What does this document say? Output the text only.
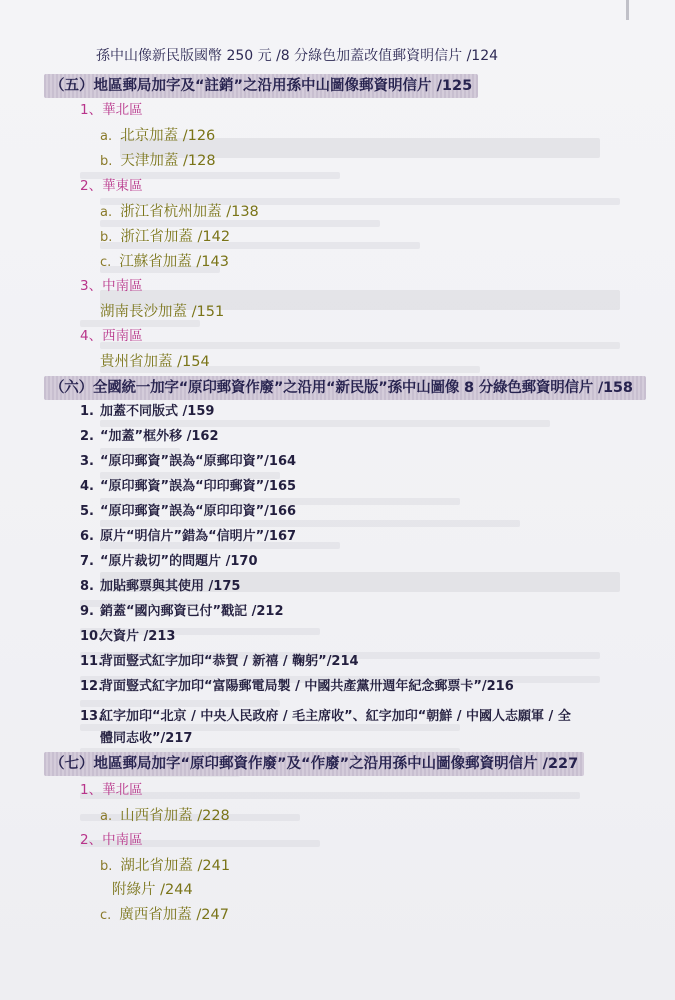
孫中山像新民版國幣 250 元 /8 分綠色加蓋改值郵資明信片 /124
（五）地區郵局加字及“註銷”之沿用孫中山圖像郵資明信片 /125
1、華北區
a. 北京加蓋 /126
b. 天津加蓋 /128
2、華東區
a. 浙江省杭州加蓋 /138
b. 浙江省加蓋 /142
c. 江蘇省加蓋 /143
3、中南區
湖南長沙加蓋 /151
4、西南區
貴州省加蓋 /154
（六）全國統一加字“原印郵資作廢”之沿用“新民版”孫中山圖像 8 分綠色郵資明信片 /158
1. 加蓋不同版式 /159
2. “加蓋”框外移 /162
3. “原印郵資”誤為“原郵印資”/164
4. “原印郵資”誤為“印印郵資”/165
5. “原印郵資”誤為“原印印資”/166
6. 原片“明信片”錯為“信明片”/167
7. “原片裁切”的問題片 /170
8. 加貼郵票與其使用 /175
9. 銷蓋“國內郵資已付”戳記 /212
10.欠資片 /213
11.背面豎式紅字加印“恭賀 / 新禧 / 鞠躬”/214
12.背面豎式紅字加印“富陽郵電局製 / 中國共產黨卅週年紀念郵票卡”/216
13.紅字加印“北京 / 中央人民政府 / 毛主席收”、紅字加印“朝鮮 / 中國人志願軍 / 全
體同志收”/217
（七）地區郵局加字“原印郵資作廢”及“作廢”之沿用孫中山圖像郵資明信片 /227
1、華北區
a. 山西省加蓋 /228
2、中南區
b. 湖北省加蓋 /241
附綠片 /244
c. 廣西省加蓋 /247
